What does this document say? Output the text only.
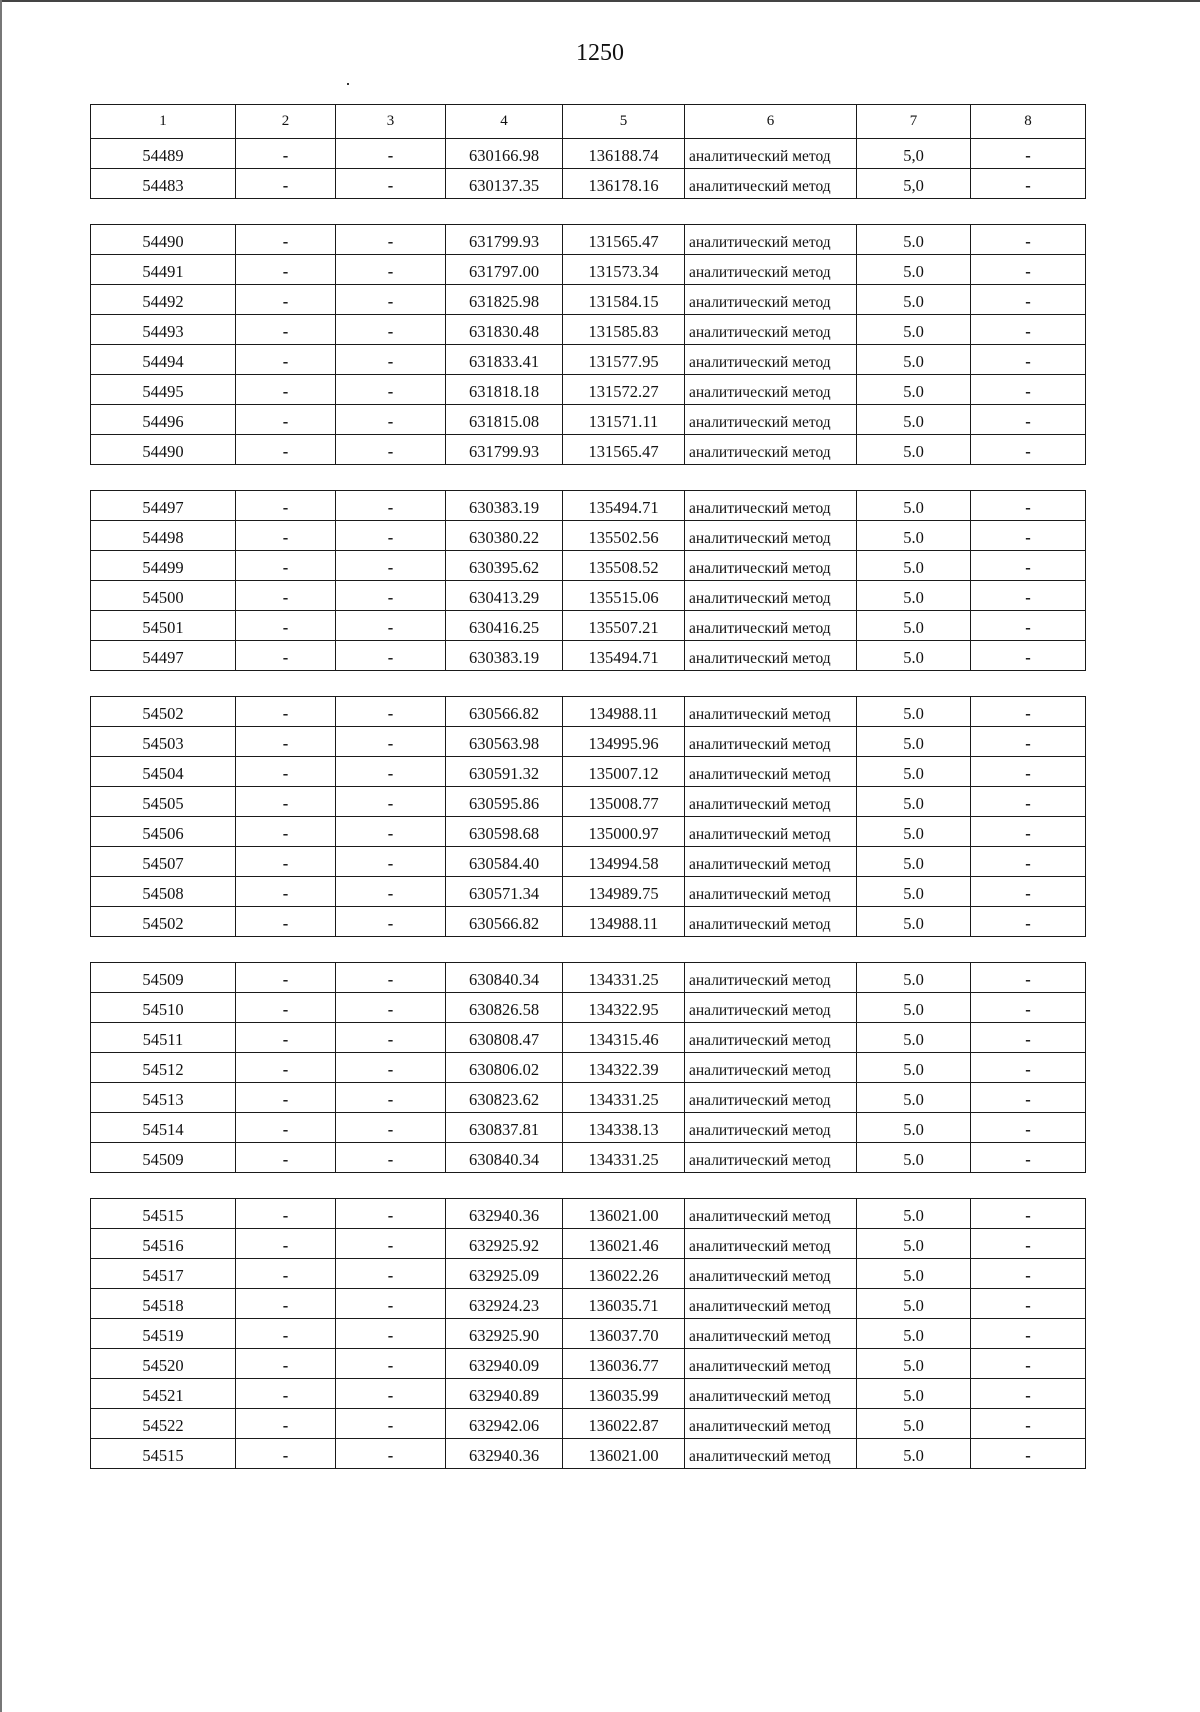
1250
1	2	3	4	5	6	7	8
54489	-	-	630166.98	136188.74	аналитический метод	5,0	-
54483	-	-	630137.35	136178.16	аналитический метод	5,0	-
54490	-	-	631799.93	131565.47	аналитический метод	5.0	-
54491	-	-	631797.00	131573.34	аналитический метод	5.0	-
54492	-	-	631825.98	131584.15	аналитический метод	5.0	-
54493	-	-	631830.48	131585.83	аналитический метод	5.0	-
54494	-	-	631833.41	131577.95	аналитический метод	5.0	-
54495	-	-	631818.18	131572.27	аналитический метод	5.0	-
54496	-	-	631815.08	131571.11	аналитический метод	5.0	-
54490	-	-	631799.93	131565.47	аналитический метод	5.0	-
54497	-	-	630383.19	135494.71	аналитический метод	5.0	-
54498	-	-	630380.22	135502.56	аналитический метод	5.0	-
54499	-	-	630395.62	135508.52	аналитический метод	5.0	-
54500	-	-	630413.29	135515.06	аналитический метод	5.0	-
54501	-	-	630416.25	135507.21	аналитический метод	5.0	-
54497	-	-	630383.19	135494.71	аналитический метод	5.0	-
54502	-	-	630566.82	134988.11	аналитический метод	5.0	-
54503	-	-	630563.98	134995.96	аналитический метод	5.0	-
54504	-	-	630591.32	135007.12	аналитический метод	5.0	-
54505	-	-	630595.86	135008.77	аналитический метод	5.0	-
54506	-	-	630598.68	135000.97	аналитический метод	5.0	-
54507	-	-	630584.40	134994.58	аналитический метод	5.0	-
54508	-	-	630571.34	134989.75	аналитический метод	5.0	-
54502	-	-	630566.82	134988.11	аналитический метод	5.0	-
54509	-	-	630840.34	134331.25	аналитический метод	5.0	-
54510	-	-	630826.58	134322.95	аналитический метод	5.0	-
54511	-	-	630808.47	134315.46	аналитический метод	5.0	-
54512	-	-	630806.02	134322.39	аналитический метод	5.0	-
54513	-	-	630823.62	134331.25	аналитический метод	5.0	-
54514	-	-	630837.81	134338.13	аналитический метод	5.0	-
54509	-	-	630840.34	134331.25	аналитический метод	5.0	-
54515	-	-	632940.36	136021.00	аналитический метод	5.0	-
54516	-	-	632925.92	136021.46	аналитический метод	5.0	-
54517	-	-	632925.09	136022.26	аналитический метод	5.0	-
54518	-	-	632924.23	136035.71	аналитический метод	5.0	-
54519	-	-	632925.90	136037.70	аналитический метод	5.0	-
54520	-	-	632940.09	136036.77	аналитический метод	5.0	-
54521	-	-	632940.89	136035.99	аналитический метод	5.0	-
54522	-	-	632942.06	136022.87	аналитический метод	5.0	-
54515	-	-	632940.36	136021.00	аналитический метод	5.0	-
